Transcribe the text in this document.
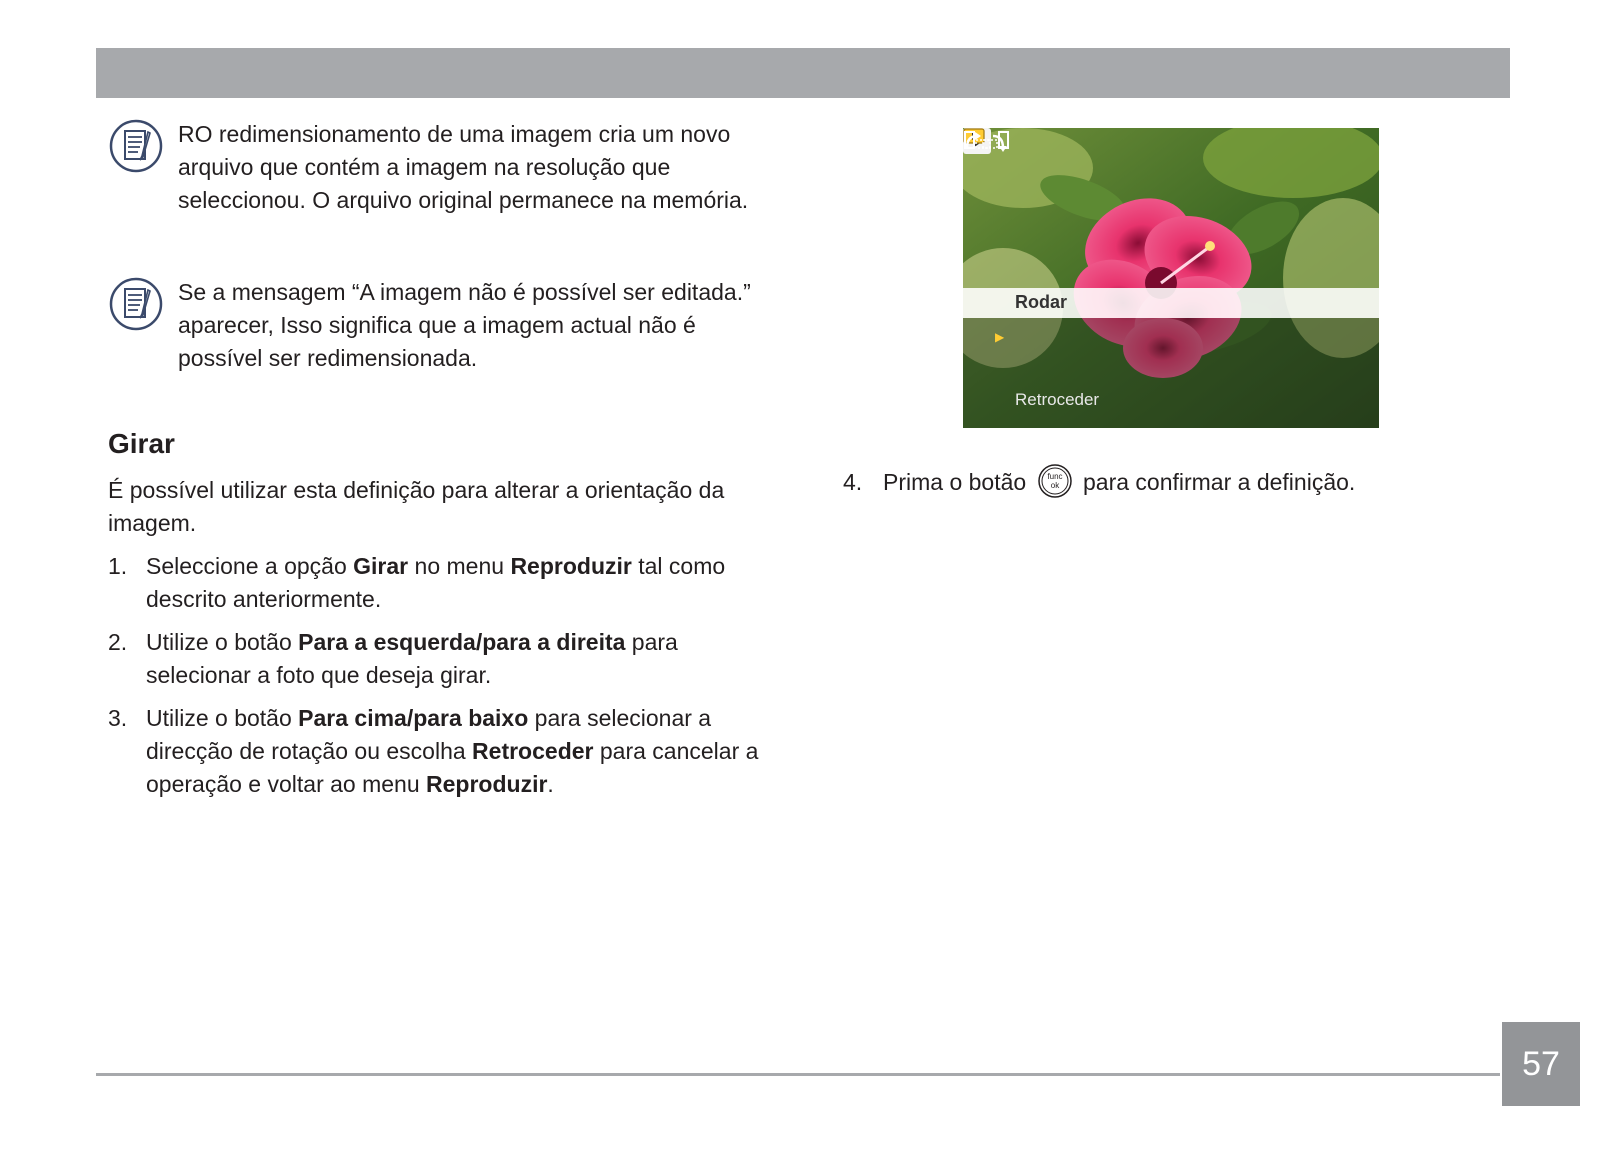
RO redimensionamento de uma imagem cria um novo arquivo que contém a imagem na resolução que seleccionou. O arquivo original permanece na memória.
Se a mensagem “A imagem não é possível ser editada.” aparecer, Isso significa que a imagem actual não é possível ser redimensionada.
Girar

É possível utilizar esta definição para alterar a orientação da imagem.

1. Seleccione a opção Girar no menu Reproduzir tal como descrito anteriormente.
2. Utilize o botão Para a esquerda/para a direita para selecionar a foto que deseja girar.
3. Utilize o botão Para cima/para baixo para selecionar a direcção de rotação ou escolha Retroceder para cancelar a operação e voltar ao menu Reproduzir.
Rodar
▶
Retroceder
4. Prima o botão	func
ok para confirmar a definição.
57
